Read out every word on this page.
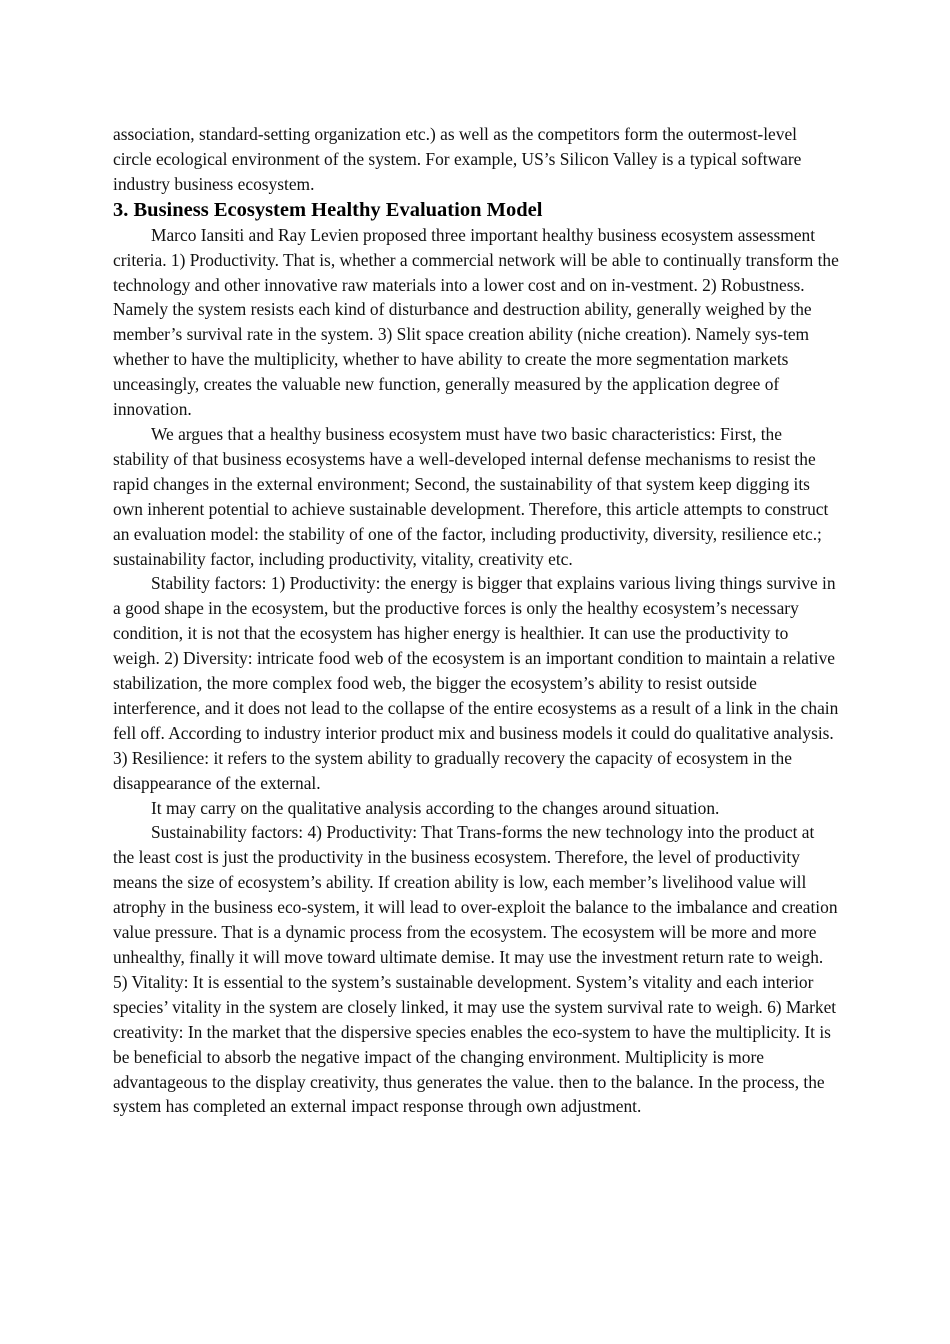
association, standard-setting organization etc.) as well as the competitors form the outermost-level circle ecological environment of the system. For example, US’s Silicon Valley is a typical software industry business ecosystem.

3. Business Ecosystem Healthy Evaluation Model

Marco Iansiti and Ray Levien proposed three important healthy business ecosystem assessment criteria. 1) Productivity. That is, whether a commercial network will be able to continually transform the technology and other innovative raw materials into a lower cost and on in-vestment. 2) Robustness. Namely the system resists each kind of disturbance and destruction ability, generally weighed by the member’s survival rate in the system. 3) Slit space creation ability (niche creation). Namely sys-tem whether to have the multiplicity, whether to have ability to create the more segmentation markets unceasingly, creates the valuable new function, generally measured by the application degree of innovation.

We argues that a healthy business ecosystem must have two basic characteristics: First, the stability of that business ecosystems have a well-developed internal defense mechanisms to resist the rapid changes in the external environment; Second, the sustainability of that system keep digging its own inherent potential to achieve sustainable development. Therefore, this article attempts to construct an evaluation model: the stability of one of the factor, including productivity, diversity, resilience etc.; sustainability factor, including productivity, vitality, creativity etc.

Stability factors: 1) Productivity: the energy is bigger that explains various living things survive in a good shape in the ecosystem, but the productive forces is only the healthy ecosystem’s necessary condition, it is not that the ecosystem has higher energy is healthier. It can use the productivity to weigh. 2) Diversity: intricate food web of the ecosystem is an important condition to maintain a relative stabilization, the more complex food web, the bigger the ecosystem’s ability to resist outside interference, and it does not lead to the collapse of the entire ecosystems as a result of a link in the chain fell off. According to industry interior product mix and business models it could do qualitative analysis. 3) Resilience: it refers to the system ability to gradually recovery the capacity of ecosystem in the disappearance of the external.

It may carry on the qualitative analysis according to the changes around situation.

Sustainability factors: 4) Productivity: That Trans-forms the new technology into the product at the least cost is just the productivity in the business ecosystem. Therefore, the level of productivity means the size of ecosystem’s ability. If creation ability is low, each member’s livelihood value will atrophy in the business eco-system, it will lead to over-exploit the balance to the imbalance and creation value pressure. That is a dynamic process from the ecosystem. The ecosystem will be more and more unhealthy, finally it will move toward ultimate demise. It may use the investment return rate to weigh. 5) Vitality: It is essential to the system’s sustainable development. System’s vitality and each interior species’ vitality in the system are closely linked, it may use the system survival rate to weigh. 6) Market creativity: In the market that the dispersive species enables the eco-system to have the multiplicity. It is be beneficial to absorb the negative impact of the changing environment. Multiplicity is more advantageous to the display creativity, thus generates the value. then to the balance. In the process, the system has completed an external impact response through own adjustment.
